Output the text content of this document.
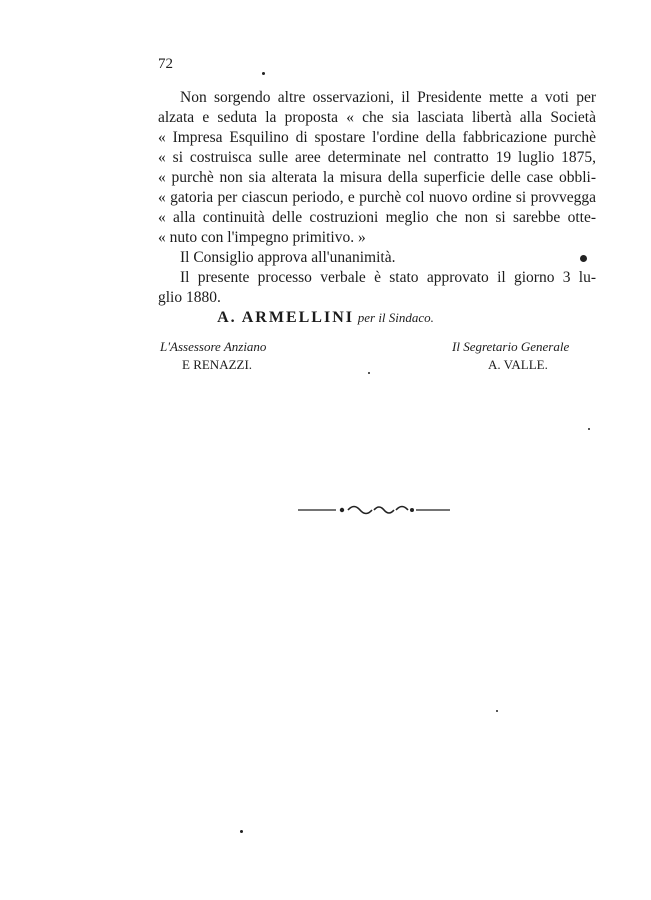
72
Non sorgendo altre osservazioni, il Presidente mette a voti per
alzata e seduta la proposta « che sia lasciata libertà alla Società
« Impresa Esquilino di spostare l'ordine della fabbricazione purchè
« si costruisca sulle aree determinate nel contratto 19 luglio 1875,
« purchè non sia alterata la misura della superficie delle case obbli-
« gatoria per ciascun periodo, e purchè col nuovo ordine si provvegga
« alla continuità delle costruzioni meglio che non si sarebbe otte-
« nuto con l'impegno primitivo. »
Il Consiglio approva all'unanimità.
Il presente processo verbale è stato approvato il giorno 3 lu-
glio 1880.
A. ARMELLINI per il Sindaco.
L'Assessore Anziano
E RENAZZI.
Il Segretario Generale
A. VALLE.
